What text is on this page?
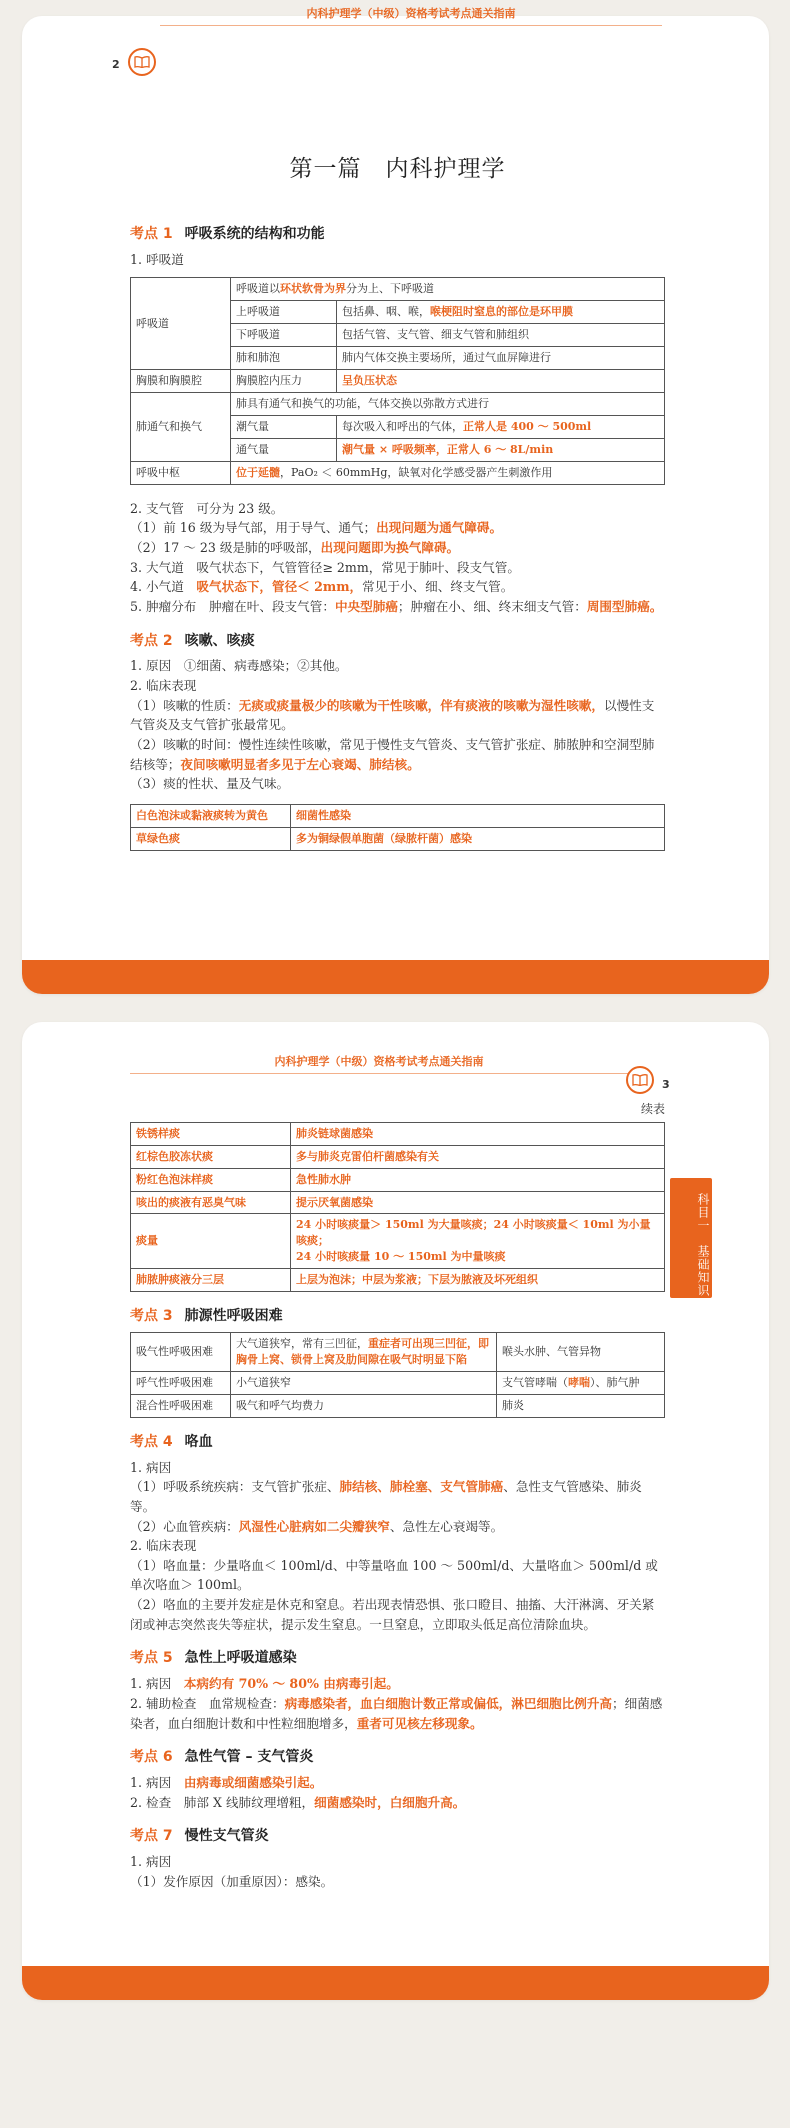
2
内科护理学（中级）资格考试考点通关指南
第一篇　内科护理学
考点 1 呼吸系统的结构和功能
1. 呼吸道
呼吸道	呼吸道以环状软骨为界分为上、下呼吸道	
	上呼吸道	包括鼻、咽、喉，喉梗阻时窒息的部位是环甲膜
	下呼吸道	包括气管、支气管、细支气管和肺组织
	肺和肺泡	肺内气体交换主要场所，通过气血屏障进行
胸膜和胸膜腔	胸膜腔内压力	呈负压状态
肺通气和换气	肺具有通气和换气的功能，气体交换以弥散方式进行	
	潮气量	每次吸入和呼出的气体，正常人是 400 ～ 500ml
	通气量	潮气量 × 呼吸频率，正常人 6 ～ 8L/min
呼吸中枢	位于延髓，PaO₂ ＜ 60mmHg，缺氧对化学感受器产生刺激作用	
2. 支气管　可分为 23 级。
（1）前 16 级为导气部，用于导气、通气；出现问题为通气障碍。
（2）17 ～ 23 级是肺的呼吸部，出现问题即为换气障碍。
3. 大气道　吸气状态下，气管管径≥ 2mm，常见于肺叶、段支气管。
4. 小气道　吸气状态下，管径＜ 2mm，常见于小、细、终支气管。
5. 肿瘤分布　肿瘤在叶、段支气管：中央型肺癌；肿瘤在小、细、终末细支气管：周围型肺癌。
考点 2 咳嗽、咳痰
1. 原因　①细菌、病毒感染；②其他。
2. 临床表现
（1）咳嗽的性质：无痰或痰量极少的咳嗽为干性咳嗽，伴有痰液的咳嗽为湿性咳嗽，以慢性支气管炎及支气管扩张最常见。
（2）咳嗽的时间：慢性连续性咳嗽，常见于慢性支气管炎、支气管扩张症、肺脓肿和空洞型肺结核等；夜间咳嗽明显者多见于左心衰竭、肺结核。
（3）痰的性状、量及气味。
白色泡沫或黏液痰转为黄色	细菌性感染
草绿色痰	多为铜绿假单胞菌（绿脓杆菌）感染
内科护理学（中级）资格考试考点通关指南
3
科目一　基础知识
续表
铁锈样痰	肺炎链球菌感染
红棕色胶冻状痰	多与肺炎克雷伯杆菌感染有关
粉红色泡沫样痰	急性肺水肿
咳出的痰液有恶臭气味	提示厌氧菌感染
痰量	24 小时咳痰量＞ 150ml 为大量咳痰；24 小时咳痰量＜ 10ml 为小量咳痰；
24 小时咳痰量 10 ～ 150ml 为中量咳痰

肺脓肿痰液分三层	上层为泡沫；中层为浆液；下层为脓液及坏死组织
考点 3 肺源性呼吸困难
吸气性呼吸困难	大气道狭窄，常有三凹征，重症者可出现三凹征，即胸骨上窝、锁骨上窝及肋间隙在吸气时明显下陷	喉头水肿、气管异物
呼气性呼吸困难	小气道狭窄	支气管哮喘（哮喘）、肺气肿
混合性呼吸困难	吸气和呼气均费力	肺炎
考点 4 咯血
1. 病因
（1）呼吸系统疾病：支气管扩张症、肺结核、肺栓塞、支气管肺癌、急性支气管感染、肺炎等。
（2）心血管疾病：风湿性心脏病如二尖瓣狭窄、急性左心衰竭等。
2. 临床表现
（1）咯血量：少量咯血＜ 100ml/d、中等量咯血 100 ～ 500ml/d、大量咯血＞ 500ml/d 或单次咯血＞ 100ml。
（2）咯血的主要并发症是休克和窒息。若出现表情恐惧、张口瞪目、抽搐、大汗淋漓、牙关紧闭或神志突然丧失等症状，提示发生窒息。一旦窒息，立即取头低足高位清除血块。
考点 5 急性上呼吸道感染
1. 病因　本病约有 70% ～ 80% 由病毒引起。
2. 辅助检查　血常规检查：病毒感染者，血白细胞计数正常或偏低，淋巴细胞比例升高；细菌感染者，血白细胞计数和中性粒细胞增多，重者可见核左移现象。
考点 6 急性气管 – 支气管炎
1. 病因　由病毒或细菌感染引起。
2. 检查　肺部 X 线肺纹理增粗，细菌感染时，白细胞升高。
考点 7 慢性支气管炎
1. 病因
（1）发作原因（加重原因）：感染。
